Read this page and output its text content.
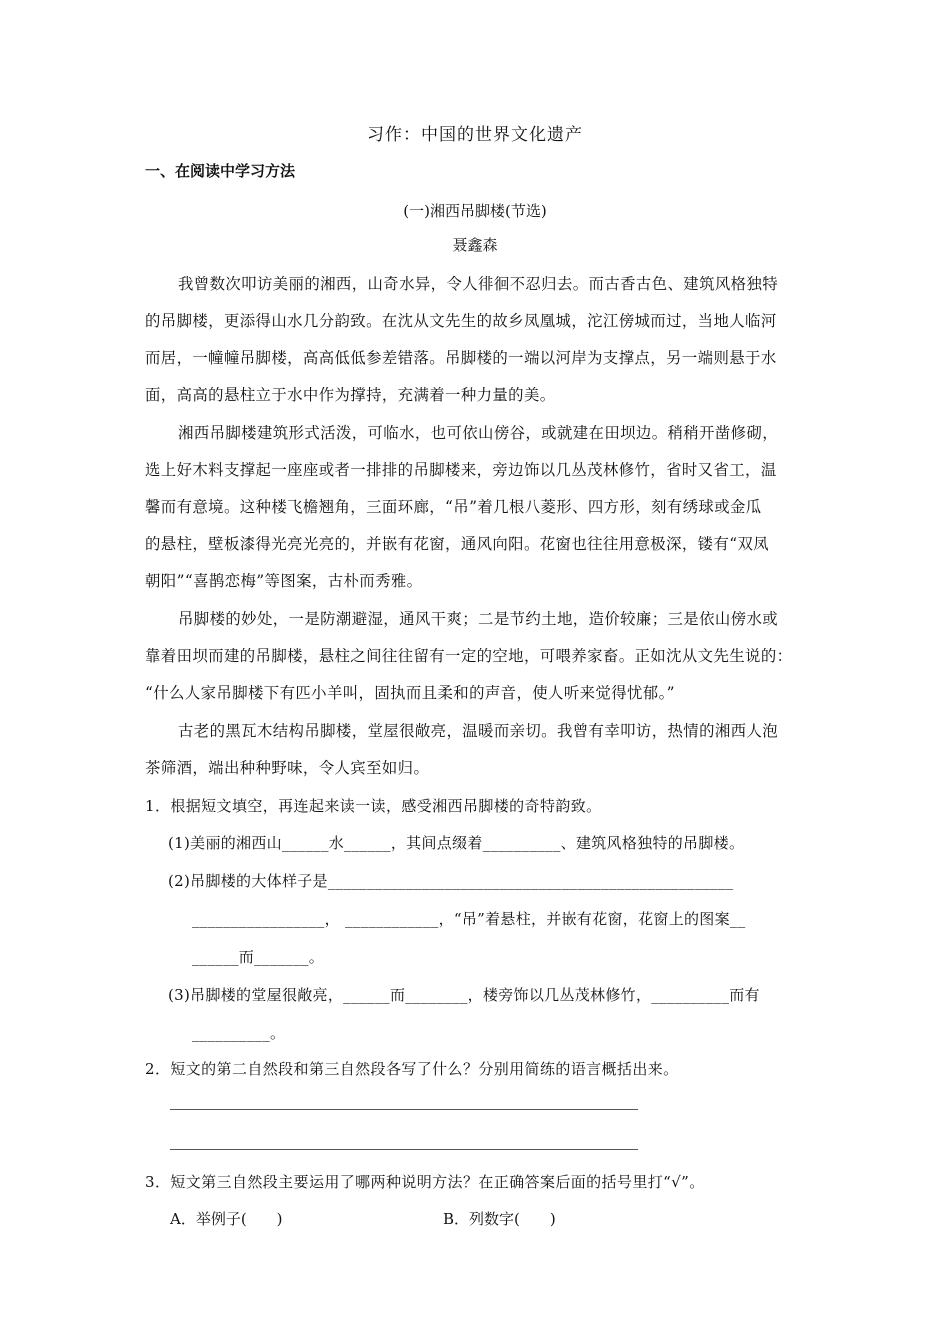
习作：中国的世界文化遗产
一、在阅读中学习方法
(一)湘西吊脚楼(节选)
聂鑫森
我曾数次叩访美丽的湘西，山奇水异，令人徘徊不忍归去。而古香古色、建筑风格独特
的吊脚楼，更添得山水几分韵致。在沈从文先生的故乡凤凰城，沱江傍城而过，当地人临河
而居，一幢幢吊脚楼，高高低低参差错落。吊脚楼的一端以河岸为支撑点，另一端则悬于水
面，高高的悬柱立于水中作为撑持，充满着一种力量的美。
湘西吊脚楼建筑形式活泼，可临水，也可依山傍谷，或就建在田坝边。稍稍开凿修砌，
选上好木料支撑起一座座或者一排排的吊脚楼来，旁边饰以几丛茂林修竹，省时又省工，温
馨而有意境。这种楼飞檐翘角，三面环廊，“吊”着几根八菱形、四方形，刻有绣球或金瓜
的悬柱，壁板漆得光亮光亮的，并嵌有花窗，通风向阳。花窗也往往用意极深，镂有“双凤
朝阳”“喜鹊恋梅”等图案，古朴而秀雅。
吊脚楼的妙处，一是防潮避湿，通风干爽；二是节约土地，造价较廉；三是依山傍水或
靠着田坝而建的吊脚楼，悬柱之间往往留有一定的空地，可喂养家畜。正如沈从文先生说的：
“什么人家吊脚楼下有匹小羊叫，固执而且柔和的声音，使人听来觉得忧郁。”
古老的黑瓦木结构吊脚楼，堂屋很敞亮，温暖而亲切。我曾有幸叩访，热情的湘西人泡
茶筛酒，端出种种野味，令人宾至如归。
1．根据短文填空，再连起来读一读，感受湘西吊脚楼的奇特韵致。
(1)美丽的湘西山______水______，其间点缀着__________、建筑风格独特的吊脚楼。
(2)吊脚楼的大体样子是____________________________________________________
_________________， ____________，“吊”着悬柱，并嵌有花窗，花窗上的图案__
______而_______。
(3)吊脚楼的堂屋很敞亮，______而________，楼旁饰以几丛茂林修竹，__________而有
__________。
2．短文的第二自然段和第三自然段各写了什么？分别用简练的语言概括出来。
3．短文第三自然段主要运用了哪两种说明方法？在正确答案后面的括号里打“√”。
A．举例子(　　)	B．列数字(　　)
